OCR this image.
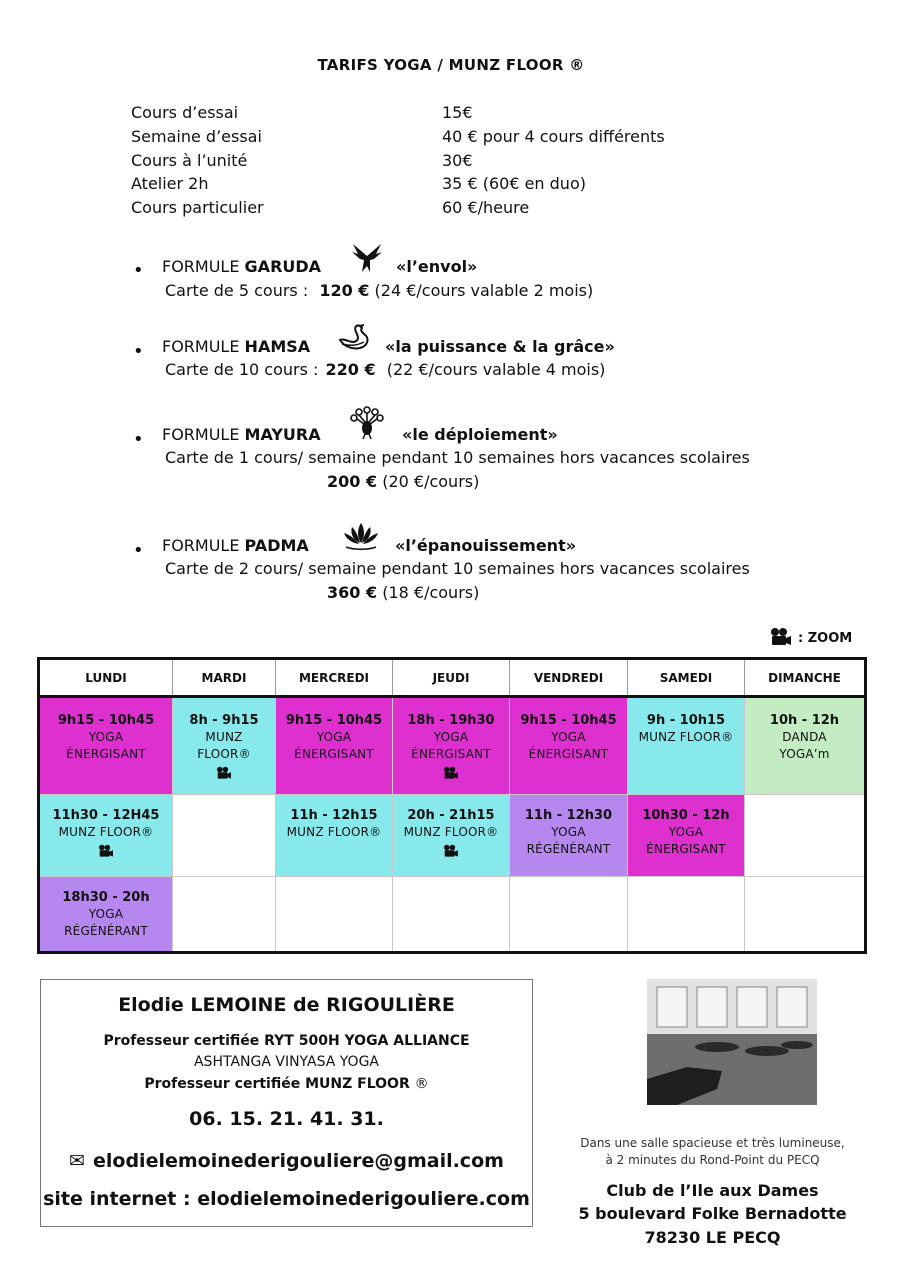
TARIFS YOGA / MUNZ FLOOR ®
Cours d’essai	15€
Semaine d’essai	40 € pour 4 cours différents
Cours à l’unité	30€
Atelier 2h	35 € (60€ en duo)
Cours particulier	60 €/heure
• FORMULE GARUDA	«l’envol»
Carte de 5 cours : 120 € (24 €/cours valable 2 mois)
• FORMULE HAMSA	«la puissance & la grâce»
Carte de 10 cours : 220 € (22 €/cours valable 4 mois)
• FORMULE MAYURA	«le déploiement»
Carte de 1 cours/ semaine pendant 10 semaines hors vacances scolaires
200 € (20 €/cours)
• FORMULE PADMA	«l’épanouissement»
Carte de 2 cours/ semaine pendant 10 semaines hors vacances scolaires
360 € (18 €/cours)
: ZOOM
LUNDI	MARDI	MERCREDI	JEUDI	VENDREDI	SAMEDI	DIMANCHE

9h15 - 10h45
YOGA
ÉNERGISANT	8h - 9h15
MUNZ
FLOOR®	9h15 - 10h45
YOGA
ÉNERGISANT	18h - 19h30
YOGA
ÉNERGISANT	9h15 - 10h45
YOGA
ÉNERGISANT	9h - 10h15
MUNZ FLOOR®	10h - 12h
DANDA
YOGA’m

11h30 - 12H45
MUNZ FLOOR®		11h - 12h15
MUNZ FLOOR®	20h - 21h15
MUNZ FLOOR®	11h - 12h30
YOGA
RÉGÉNÉRANT	10h30 - 12h
YOGA
ÉNERGISANT	

18h30 - 20h
YOGA
RÉGÉNÉRANT						

Elodie LEMOINE de RIGOULIÈRE
Professeur certifiée RYT 500H YOGA ALLIANCE
ASHTANGA VINYASA YOGA
Professeur certifiée MUNZ FLOOR ®
06. 15. 21. 41. 31.
✉ elodielemoinederigouliere@gmail.com
site internet : elodielemoinederigouliere.com
Dans une salle spacieuse et très lumineuse,
à 2 minutes du Rond-Point du PECQ
Club de l’Ile aux Dames
5 boulevard Folke Bernadotte
78230 LE PECQ
